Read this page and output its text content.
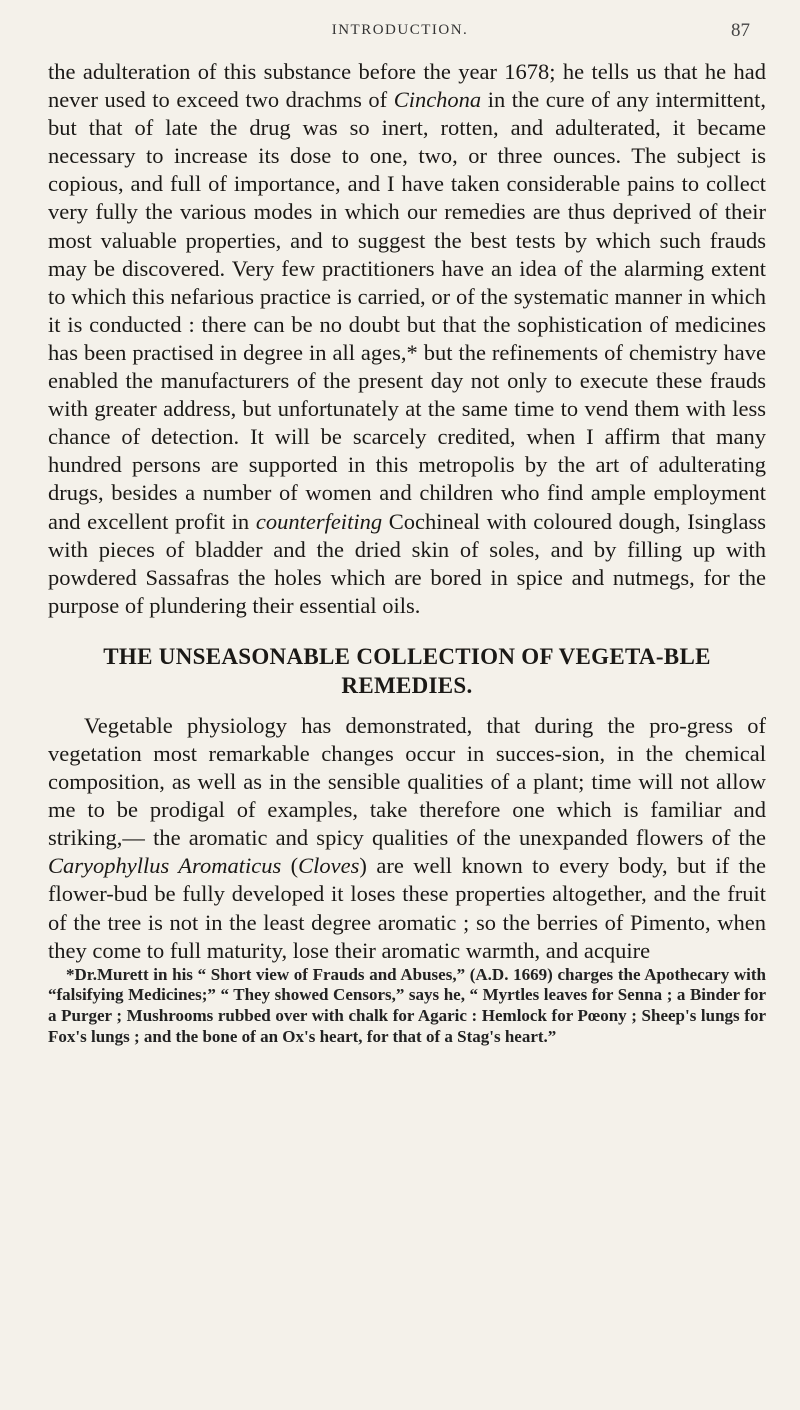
INTRODUCTION.	87

the adulteration of this substance before the year 1678; he tells us that he had never used to exceed two drachms of Cinchona in the cure of any intermittent, but that of late the drug was so inert, rotten, and adulterated, it became necessary to increase its dose to one, two, or three ounces. The subject is copious, and full of importance, and I have taken considerable pains to collect very fully the various modes in which our remedies are thus deprived of their most valuable properties, and to suggest the best tests by which such frauds may be discovered. Very few practitioners have an idea of the alarming extent to which this nefarious practice is carried, or of the systematic manner in which it is conducted : there can be no doubt but that the sophistication of medicines has been practised in degree in all ages,* but the refinements of chemistry have enabled the manufacturers of the present day not only to execute these frauds with greater address, but unfortunately at the same time to vend them with less chance of detection. It will be scarcely credited, when I affirm that many hundred persons are supported in this metropolis by the art of adulterating drugs, besides a number of women and children who find ample employment and excellent profit in counterfeiting Cochineal with coloured dough, Isinglass with pieces of bladder and the dried skin of soles, and by filling up with powdered Sassafras the holes which are bored in spice and nutmegs, for the purpose of plundering their essential oils.

THE UNSEASONABLE COLLECTION OF VEGETA-BLE REMEDIES.

Vegetable physiology has demonstrated, that during the pro-gress of vegetation most remarkable changes occur in succes-sion, in the chemical composition, as well as in the sensible qualities of a plant; time will not allow me to be prodigal of examples, take therefore one which is familiar and striking,— the aromatic and spicy qualities of the unexpanded flowers of the Caryophyllus Aromaticus (Cloves) are well known to every body, but if the flower-bud be fully developed it loses these properties altogether, and the fruit of the tree is not in the least degree aromatic ; so the berries of Pimento, when they come to full maturity, lose their aromatic warmth, and acquire

*Dr.Murett in his “ Short view of Frauds and Abuses,” (A.D. 1669) charges the Apothecary with “falsifying Medicines;” “ They showed Censors,” says he, “ Myrtles leaves for Senna ; a Binder for a Purger ; Mushrooms rubbed over with chalk for Agaric : Hemlock for Pœony ; Sheep's lungs for Fox's lungs ; and the bone of an Ox's heart, for that of a Stag's heart.”
